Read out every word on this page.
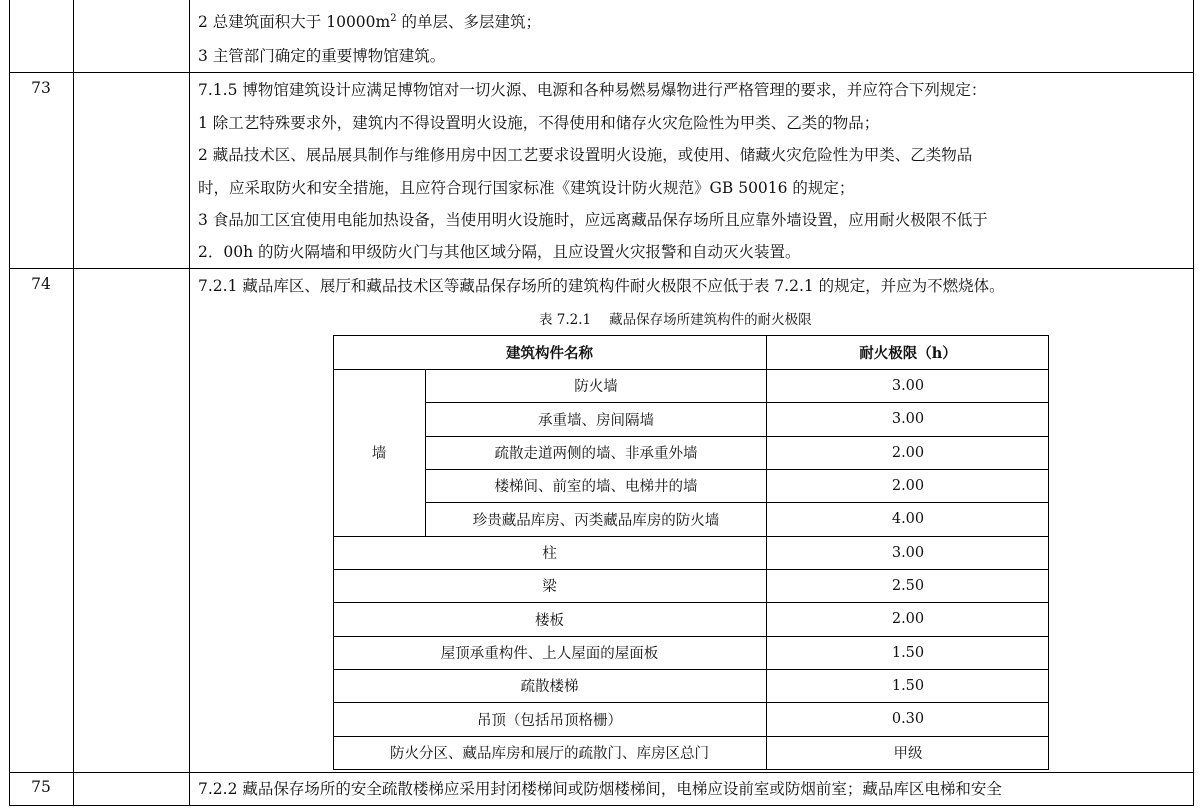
2 总建筑面积大于 $10000m^2$ 的单层、多层建筑；
3 主管部门确定的重要博物馆建筑。
73	7.1.5 博物馆建筑设计应满足博物馆对一切火源、电源和各种易燃易爆物进行严格管理的要求，并应符合下列规定：
1 除工艺特殊要求外，建筑内不得设置明火设施，不得使用和储存火灾危险性为甲类、乙类的物品；
2 藏品技术区、展品展具制作与维修用房中因工艺要求设置明火设施，或使用、储藏火灾危险性为甲类、乙类物品
时，应采取防火和安全措施，且应符合现行国家标准《建筑设计防火规范》GB 50016 的规定；
3 食品加工区宜使用电能加热设备，当使用明火设施时，应远离藏品保存场所且应靠外墙设置，应用耐火极限不低于
2．00h 的防火隔墙和甲级防火门与其他区域分隔，且应设置火灾报警和自动灭火装置。
74	7.2.1 藏品库区、展厅和藏品技术区等藏品保存场所的建筑构件耐火极限不应低于表 7.2.1 的规定，并应为不燃烧体。
表 7.2.1 藏品保存场所建筑构件的耐火极限
建筑构件名称	耐火极限（h）
墙
防火墙	3.00
承重墙、房间隔墙	3.00
疏散走道两侧的墙、非承重外墙	2.00
楼梯间、前室的墙、电梯井的墙	2.00
珍贵藏品库房、丙类藏品库房的防火墙	4.00
柱	3.00
梁	2.50
楼板	2.00
屋顶承重构件、上人屋面的屋面板	1.50
疏散楼梯	1.50
吊顶（包括吊顶格栅）	0.30
防火分区、藏品库房和展厅的疏散门、库房区总门	甲级
75	7.2.2 藏品保存场所的安全疏散楼梯应采用封闭楼梯间或防烟楼梯间，电梯应设前室或防烟前室；藏品库区电梯和安全
